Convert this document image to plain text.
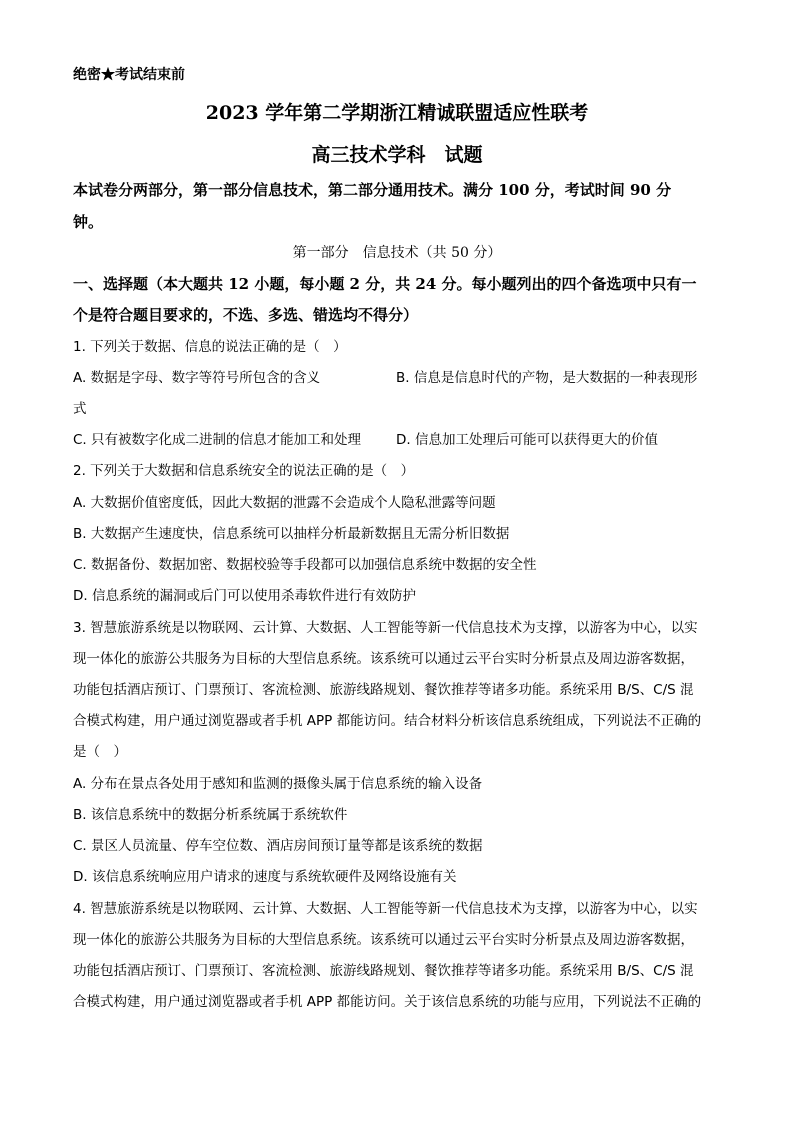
绝密★考试结束前
2023 学年第二学期浙江精诚联盟适应性联考
高三技术学科　试题
本试卷分两部分，第一部分信息技术，第二部分通用技术。满分 100 分，考试时间 90 分
钟。
第一部分　信息技术（共 50 分）
一、选择题（本大题共 12 小题，每小题 2 分，共 24 分。每小题列出的四个备选项中只有一
个是符合题目要求的，不选、多选、错选均不得分）
1. 下列关于数据、信息的说法正确的是（　）
A. 数据是字母、数字等符号所包含的含义	B. 信息是信息时代的产物，是大数据的一种表现形
式
C. 只有被数字化成二进制的信息才能加工和处理	D. 信息加工处理后可能可以获得更大的价值
2. 下列关于大数据和信息系统安全的说法正确的是（　）
A. 大数据价值密度低，因此大数据的泄露不会造成个人隐私泄露等问题
B. 大数据产生速度快，信息系统可以抽样分析最新数据且无需分析旧数据
C. 数据备份、数据加密、数据校验等手段都可以加强信息系统中数据的安全性
D. 信息系统的漏洞或后门可以使用杀毒软件进行有效防护
3. 智慧旅游系统是以物联网、云计算、大数据、人工智能等新一代信息技术为支撑，以游客为中心，以实
现一体化的旅游公共服务为目标的大型信息系统。该系统可以通过云平台实时分析景点及周边游客数据，
功能包括酒店预订、门票预订、客流检测、旅游线路规划、餐饮推荐等诸多功能。系统采用 B/S、C/S 混
合模式构建，用户通过浏览器或者手机 APP 都能访问。结合材料分析该信息系统组成，下列说法不正确的
是（　）
A. 分布在景点各处用于感知和监测的摄像头属于信息系统的输入设备
B. 该信息系统中的数据分析系统属于系统软件
C. 景区人员流量、停车空位数、酒店房间预订量等都是该系统的数据
D. 该信息系统响应用户请求的速度与系统软硬件及网络设施有关
4. 智慧旅游系统是以物联网、云计算、大数据、人工智能等新一代信息技术为支撑，以游客为中心，以实
现一体化的旅游公共服务为目标的大型信息系统。该系统可以通过云平台实时分析景点及周边游客数据，
功能包括酒店预订、门票预订、客流检测、旅游线路规划、餐饮推荐等诸多功能。系统采用 B/S、C/S 混
合模式构建，用户通过浏览器或者手机 APP 都能访问。关于该信息系统的功能与应用，下列说法不正确的
